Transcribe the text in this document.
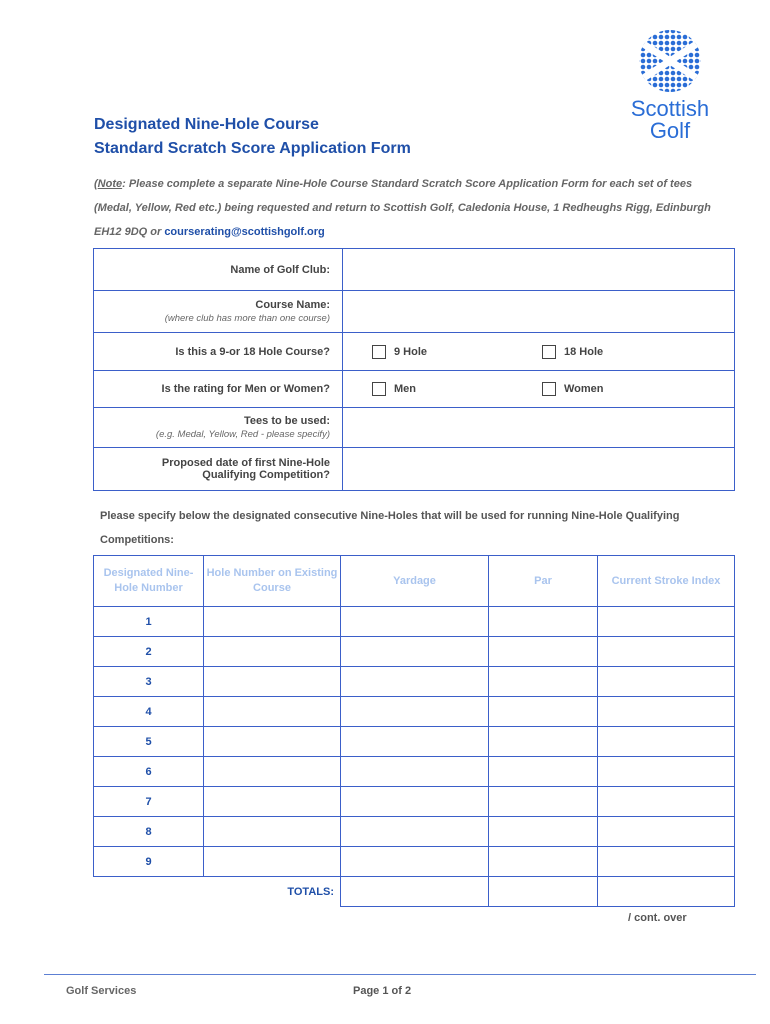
Scottish
Golf
Designated Nine-Hole Course
Standard Scratch Score Application Form
(Note: Please complete a separate Nine-Hole Course Standard Scratch Score Application Form for each set of tees (Medal, Yellow, Red etc.) being requested and return to Scottish Golf, Caledonia House, 1 Redheughs Rigg, Edinburgh EH12 9DQ or courserating@scottishgolf.org
Name of Golf Club:	
Course Name:
(where club has more than one course)	

Is this a 9-or 18 Hole Course?	9 Hole 18 Hole
Is the rating for Men or Women?	Men Women
Tees to be used:
(e.g. Medal, Yellow, Red - please specify)	

Proposed date of first Nine-Hole
Qualifying Competition?	
Please specify below the designated consecutive Nine-Holes that will be used for running Nine-Hole Qualifying Competitions:
Designated Nine-Hole Number	Hole Number on Existing Course	Yardage	Par	Current Stroke Index
1				
2				
3				
4				
5				
6				
7				
8				
9				
	TOTALS:			
/ cont. over
Golf Services	Page 1 of 2
